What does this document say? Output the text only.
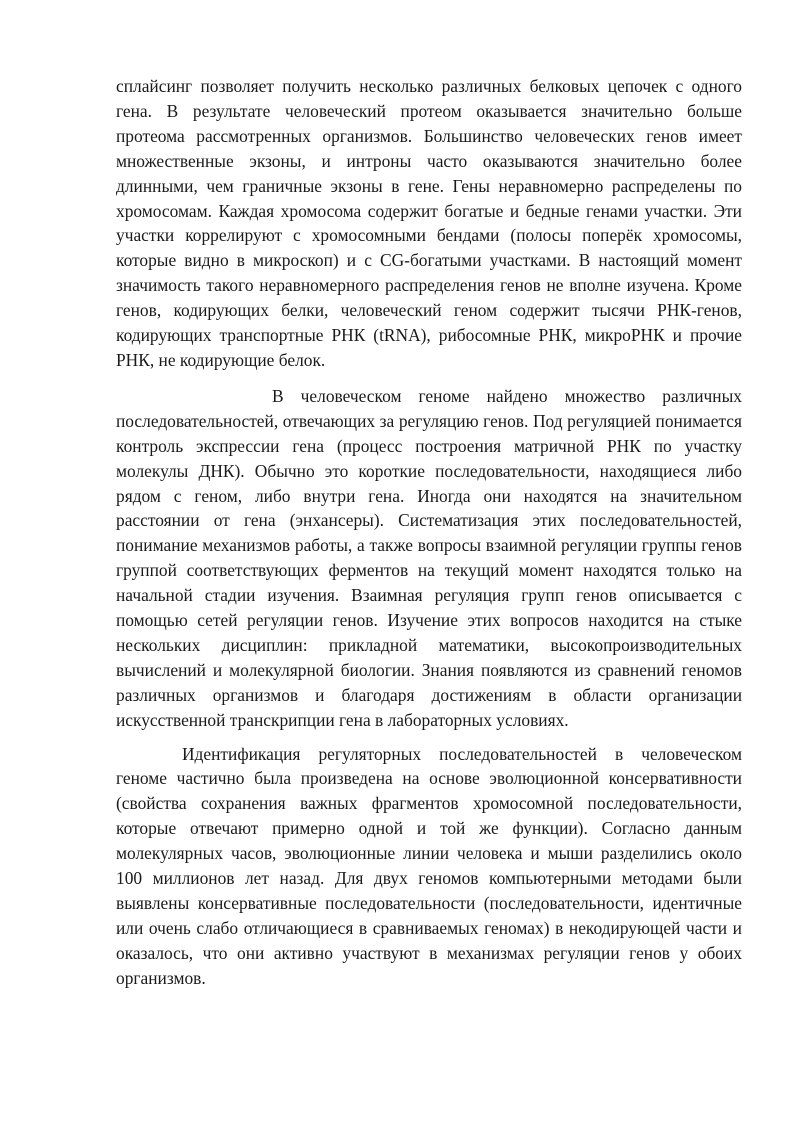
сплайсинг позволяет получить несколько различных белковых цепочек с одного гена. В результате человеческий протеом оказывается значительно больше протеома рассмотренных организмов. Большинство человеческих генов имеет множественные экзоны, и интроны часто оказываются значительно более длинными, чем граничные экзоны в гене. Гены неравномерно распределены по хромосомам. Каждая хромосома содержит богатые и бедные генами участки. Эти участки коррелируют с хромосомными бендами (полосы поперёк хромосомы, которые видно в микроскоп) и с CG-богатыми участками. В настоящий момент значимость такого неравномерного распределения генов не вполне изучена. Кроме генов, кодирующих белки, человеческий геном содержит тысячи РНК-генов, кодирующих транспортные РНК (tRNA), рибосомные РНК, микроРНК и прочие РНК, не кодирующие белок.

В человеческом геноме найдено множество различных последовательностей, отвечающих за регуляцию генов. Под регуляцией понимается контроль экспрессии гена (процесс построения матричной РНК по участку молекулы ДНК). Обычно это короткие последовательности, находящиеся либо рядом с геном, либо внутри гена. Иногда они находятся на значительном расстоянии от гена (энхансеры). Систематизация этих последовательностей, понимание механизмов работы, а также вопросы взаимной регуляции группы генов группой соответствующих ферментов на текущий момент находятся только на начальной стадии изучения. Взаимная регуляция групп генов описывается с помощью сетей регуляции генов. Изучение этих вопросов находится на стыке нескольких дисциплин: прикладной математики, высокопроизводительных вычислений и молекулярной биологии. Знания появляются из сравнений геномов различных организмов и благодаря достижениям в области организации искусственной транскрипции гена в лабораторных условиях.

Идентификация регуляторных последовательностей в человеческом геноме частично была произведена на основе эволюционной консервативности (свойства сохранения важных фрагментов хромосомной последовательности, которые отвечают примерно одной и той же функции). Согласно данным молекулярных часов, эволюционные линии человека и мыши разделились около 100 миллионов лет назад. Для двух геномов компьютерными методами были выявлены консервативные последовательности (последовательности, идентичные или очень слабо отличающиеся в сравниваемых геномах) в некодирующей части и оказалось, что они активно участвуют в механизмах регуляции генов у обоих организмов.
